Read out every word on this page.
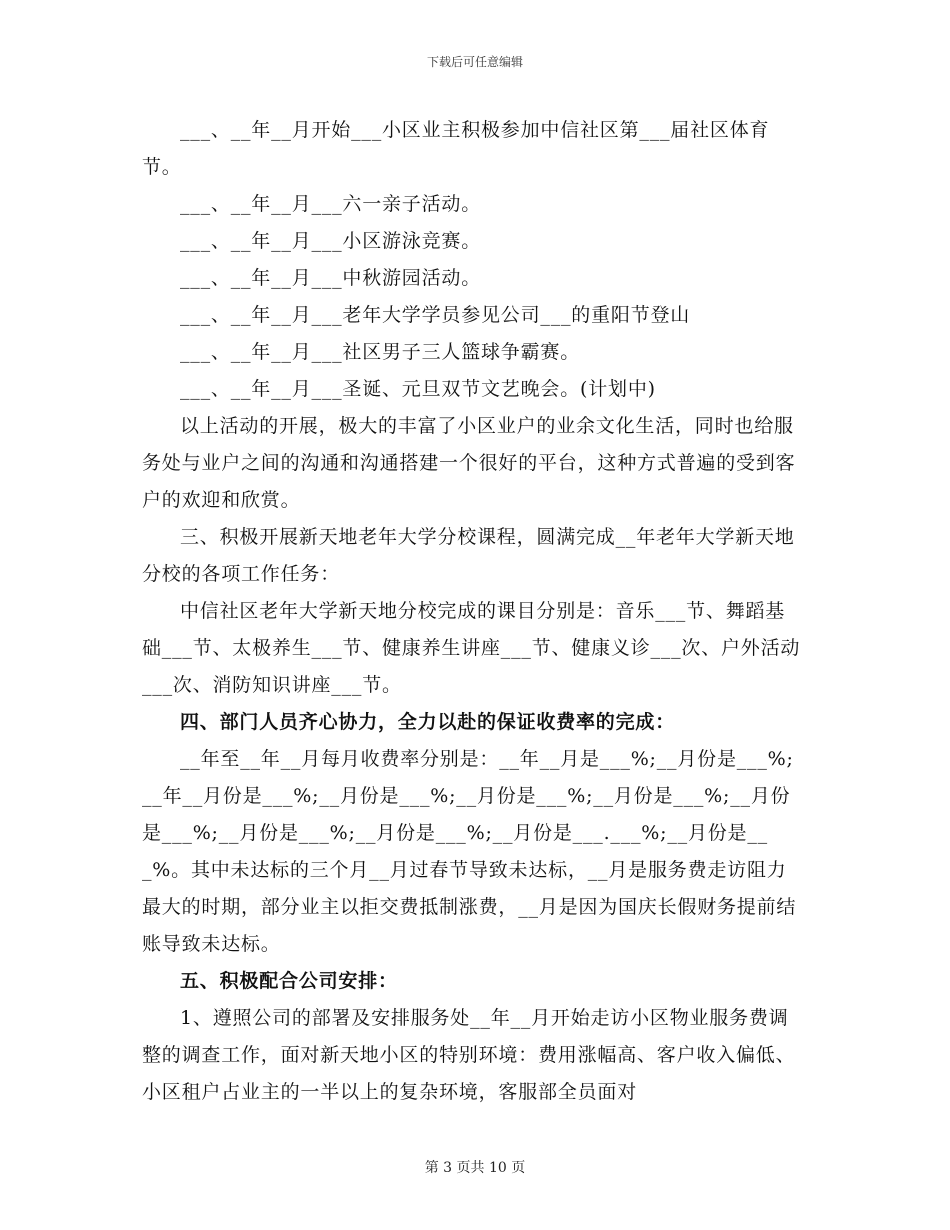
下载后可任意编辑

___、__年__月开始___小区业主积极参加中信社区第___届社区体育节。

___、__年__月___六一亲子活动。

___、__年__月___小区游泳竞赛。

___、__年__月___中秋游园活动。

___、__年__月___老年大学学员参见公司___的重阳节登山

___、__年__月___社区男子三人篮球争霸赛。

___、__年__月___圣诞、元旦双节文艺晚会。(计划中)

以上活动的开展，极大的丰富了小区业户的业余文化生活，同时也给服务处与业户之间的沟通和沟通搭建一个很好的平台，这种方式普遍的受到客户的欢迎和欣赏。

三、积极开展新天地老年大学分校课程，圆满完成__年老年大学新天地分校的各项工作任务：

中信社区老年大学新天地分校完成的课目分别是：音乐___节、舞蹈基础___节、太极养生___节、健康养生讲座___节、健康义诊___次、户外活动___次、消防知识讲座___节。

四、部门人员齐心协力，全力以赴的保证收费率的完成：

__年至__年__月每月收费率分别是：__年__月是___%;__月份是___%;__年__月份是___%;__月份是___%;__月份是___%;__月份是___%;__月份是___%;__月份是___%;__月份是___%;__月份是___.___%;__月份是___%。其中未达标的三个月__月过春节导致未达标，__月是服务费走访阻力最大的时期，部分业主以拒交费抵制涨费，__月是因为国庆长假财务提前结账导致未达标。

五、积极配合公司安排：

1、遵照公司的部署及安排服务处__年__月开始走访小区物业服务费调整的调查工作，面对新天地小区的特别环境：费用涨幅高、客户收入偏低、小区租户占业主的一半以上的复杂环境，客服部全员面对

第 3 页共 10 页
